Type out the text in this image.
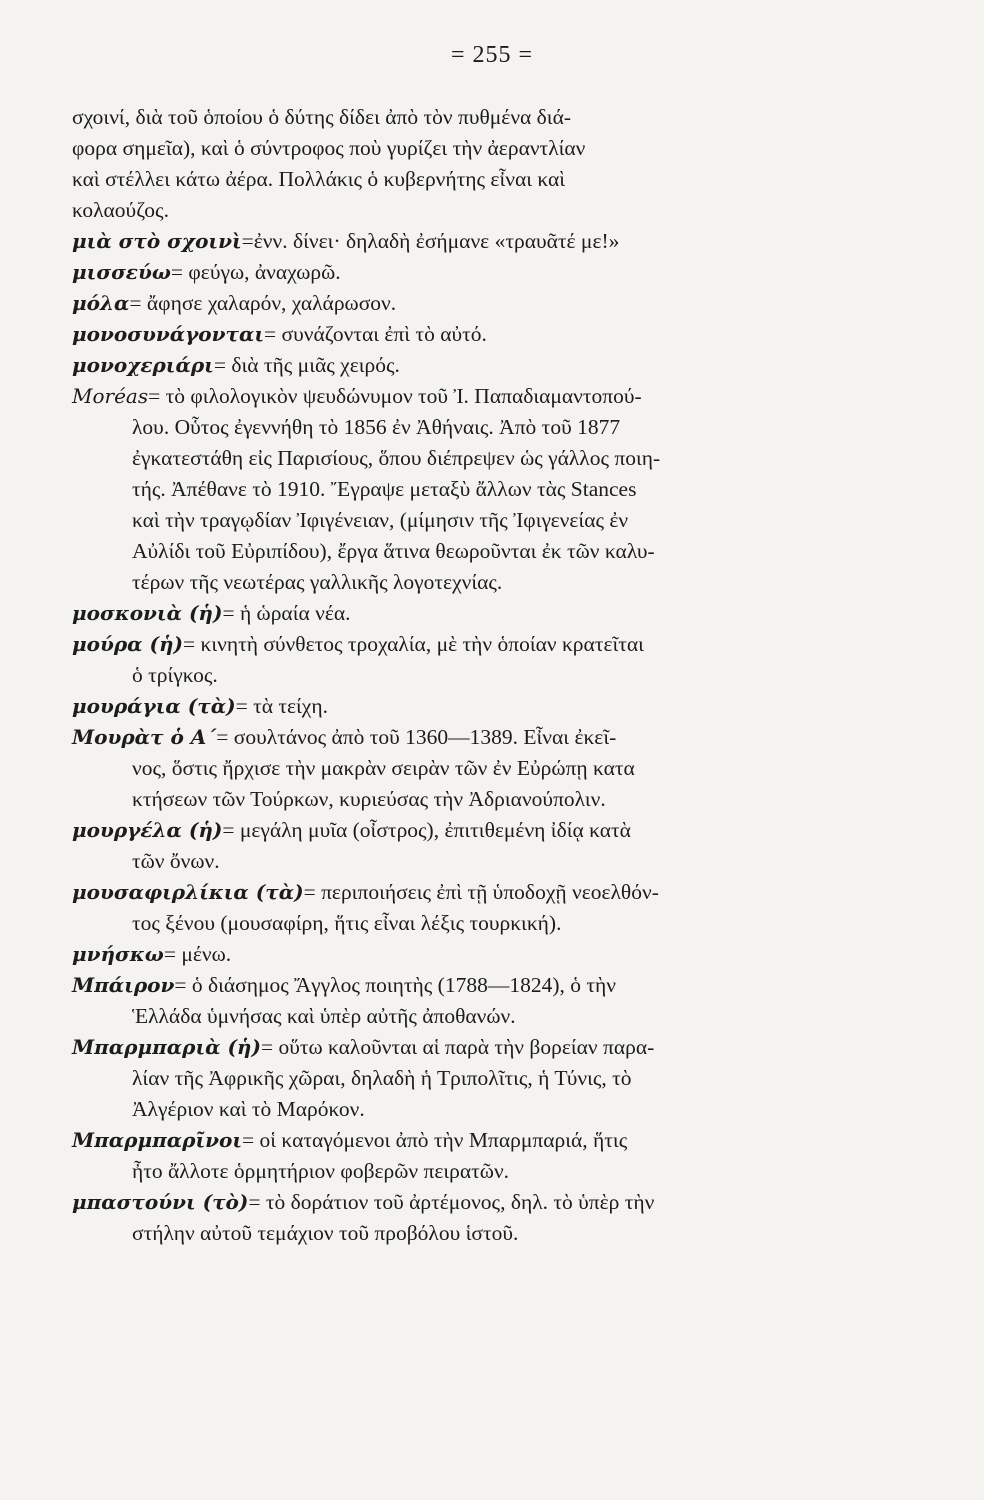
= 255 =

σχοινί, διὰ τοῦ ὁποίου ὁ δύτης δίδει ἀπὸ τὸν πυθμένα διά-

φορα σημεῖα), καὶ ὁ σύντροφος ποὺ γυρίζει τὴν ἀεραντλίαν

καὶ στέλλει κάτω ἀέρα. Πολλάκις ὁ κυβερνήτης εἶναι καὶ

κολαούζος.

μιὰ στὸ σχοινὶ=ἐνν. δίνει· δηλαδὴ ἐσήμανε «τραυᾶτέ με!»

μισσεύω= φεύγω, ἀναχωρῶ.

μόλα= ἄφησε χαλαρόν, χαλάρωσον.

μονοσυνάγονται= συνάζονται ἐπὶ τὸ αὐτό.

μονοχεριάρι= διὰ τῆς μιᾶς χειρός.

Moréas= τὸ φιλολογικὸν ψευδώνυμον τοῦ Ἰ. Παπαδιαμαντοπού-

λου. Οὗτος ἐγεννήθη τὸ 1856 ἐν Ἀθήναις. Ἀπὸ τοῦ 1877

ἐγκατεστάθη εἰς Παρισίους, ὅπου διέπρεψεν ὡς γάλλος ποιη-

τής. Ἀπέθανε τὸ 1910. Ἔγραψε μεταξὺ ἄλλων τὰς Stances

καὶ τὴν τραγῳδίαν Ἰφιγένειαν, (μίμησιν τῆς Ἰφιγενείας ἐν

Αὐλίδι τοῦ Εὐριπίδου), ἔργα ἅτινα θεωροῦνται ἐκ τῶν καλυ-

τέρων τῆς νεωτέρας γαλλικῆς λογοτεχνίας.

μοσκονιὰ (ἡ)= ἡ ὡραία νέα.

μούρα (ἡ)= κινητὴ σύνθετος τροχαλία, μὲ τὴν ὁποίαν κρατεῖται

ὁ τρίγκος.

μουράγια (τὰ)= τὰ τείχη.

Μουρὰτ ὁ Α΄= σουλτάνος ἀπὸ τοῦ 1360—1389. Εἶναι ἐκεῖ-

νος, ὅστις ἤρχισε τὴν μακρὰν σειρὰν τῶν ἐν Εὐρώπῃ κατα

κτήσεων τῶν Τούρκων, κυριεύσας τὴν Ἀδριανούπολιν.

μουργέλα (ἡ)= μεγάλη μυῖα (οἶστρος), ἐπιτιθεμένη ἰδίᾳ κατὰ

τῶν ὄνων.

μουσαφιρλίκια (τὰ)= περιποιήσεις ἐπὶ τῇ ὑποδοχῇ νεοελθόν-

τος ξένου (μουσαφίρη, ἥτις εἶναι λέξις τουρκική).

μνήσκω= μένω.

Μπάιρον= ὁ διάσημος Ἄγγλος ποιητὴς (1788—1824), ὁ τὴν

Ἑλλάδα ὑμνήσας καὶ ὑπὲρ αὐτῆς ἀποθανών.

Μπαρμπαριὰ (ἡ)= οὕτω καλοῦνται αἱ παρὰ τὴν βορείαν παρα-

λίαν τῆς Ἀφρικῆς χῶραι, δηλαδὴ ἡ Τριπολῖτις, ἡ Τύνις, τὸ

Ἀλγέριον καὶ τὸ Μαρόκον.

Μπαρμπαρῖνοι= οἱ καταγόμενοι ἀπὸ τὴν Μπαρμπαριά, ἥτις

ἦτο ἄλλοτε ὁρμητήριον φοβερῶν πειρατῶν.

μπαστούνι (τὸ)= τὸ δοράτιον τοῦ ἀρτέμονος, δηλ. τὸ ὑπὲρ τὴν

στήλην αὐτοῦ τεμάχιον τοῦ προβόλου ἱστοῦ.
